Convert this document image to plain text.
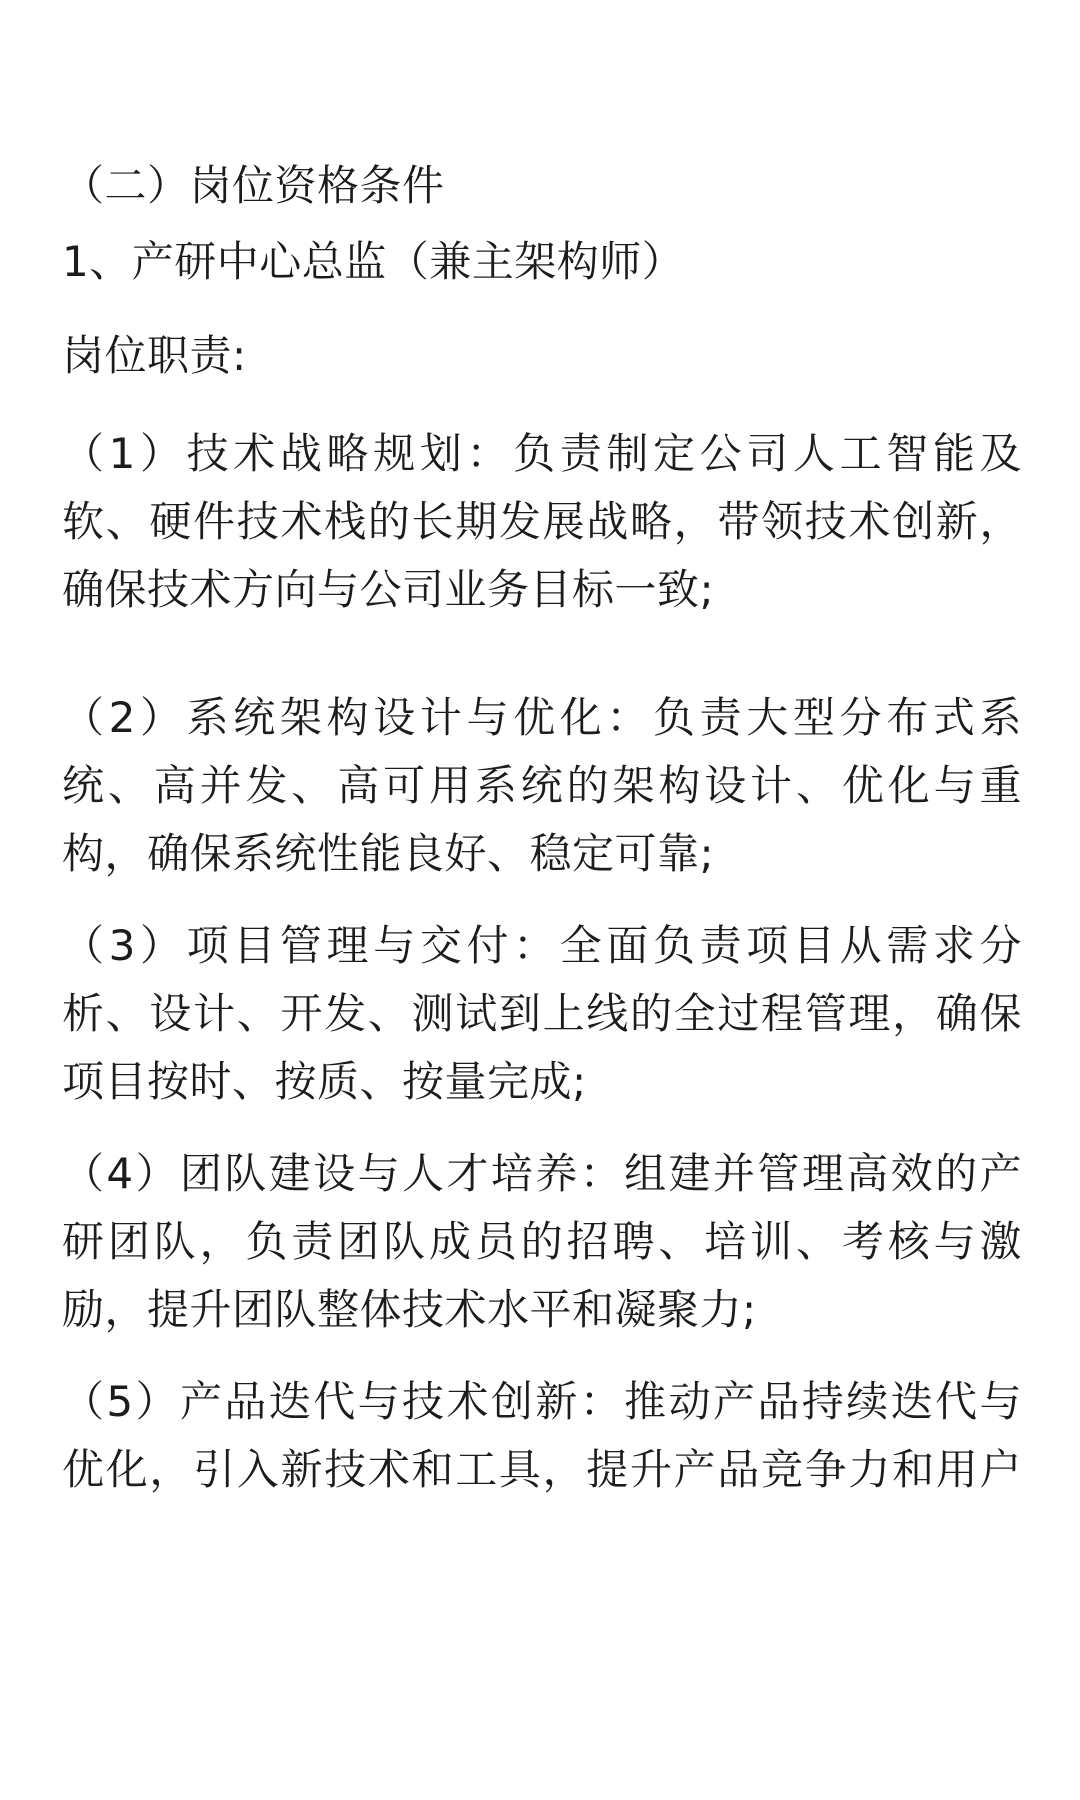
（二）岗位资格条件
1、产研中心总监（兼主架构师）
岗位职责:
（1）技术战略规划：负责制定公司人工智能及
软、硬件技术栈的长期发展战略，带领技术创新，
确保技术方向与公司业务目标一致;
（2）系统架构设计与优化：负责大型分布式系
统、高并发、高可用系统的架构设计、优化与重
构，确保系统性能良好、稳定可靠;
（3）项目管理与交付：全面负责项目从需求分
析、设计、开发、测试到上线的全过程管理，确保
项目按时、按质、按量完成;
（4）团队建设与人才培养：组建并管理高效的产
研团队，负责团队成员的招聘、培训、考核与激
励，提升团队整体技术水平和凝聚力;
（5）产品迭代与技术创新：推动产品持续迭代与
优化，引入新技术和工具，提升产品竞争力和用户
